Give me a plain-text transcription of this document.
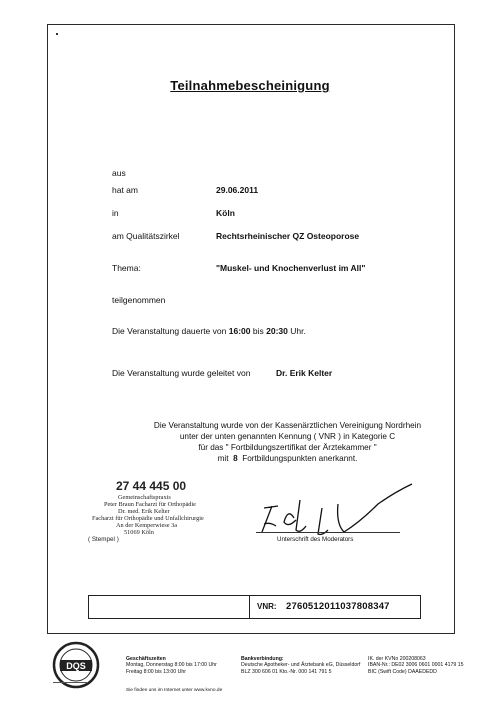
Teilnahmebescheinigung
aus
hat am	29.06.2011
in	Köln
am Qualitätszirkel	Rechtsrheinischer QZ Osteoporose
Thema:	"Muskel- und Knochenverlust im All"
teilgenommen
Die Veranstaltung dauerte von 16:00 bis 20:30 Uhr.
Die Veranstaltung wurde geleitet von	Dr. Erik Kelter
Die Veranstaltung wurde von der Kassenärztlichen Vereinigung Nordrhein
unter der unten genannten Kennung ( VNR ) in Kategorie C
für das " Fortbildungszertifikat der Ärztekammer "
mit 8 Fortbildungspunkten anerkannt.
27 44 445 00
Gemeinschaftspraxis
Peter Braun Facharzt für Orthopädie
Dr. med. Erik Kelter
Facharzt für Orthopädie und Unfallchirurgie
An der Kemperwiese 3a
51069 Köln
( Stempel )	Unterschrift des Moderators
VNR: 2760512011037808347
DQS
Geschäftszeiten
Montag, Donnerstag 8:00 bis 17:00 Uhr
Freitag 8:00 bis 13:00 Uhr
Bankverbindung:
Deutsche Apotheker- und Ärztebank eG, Düsseldorf
BLZ 300 606 01 Kto.-Nr. 000 141 791 5
IK. der KVNo 200208063
IBAN-Nr.: DE02 3006 0601 0001 4179 15
BIC (Swift Code) DAAEDEDD
Sie finden uns im Internet unter www.kvno.de
